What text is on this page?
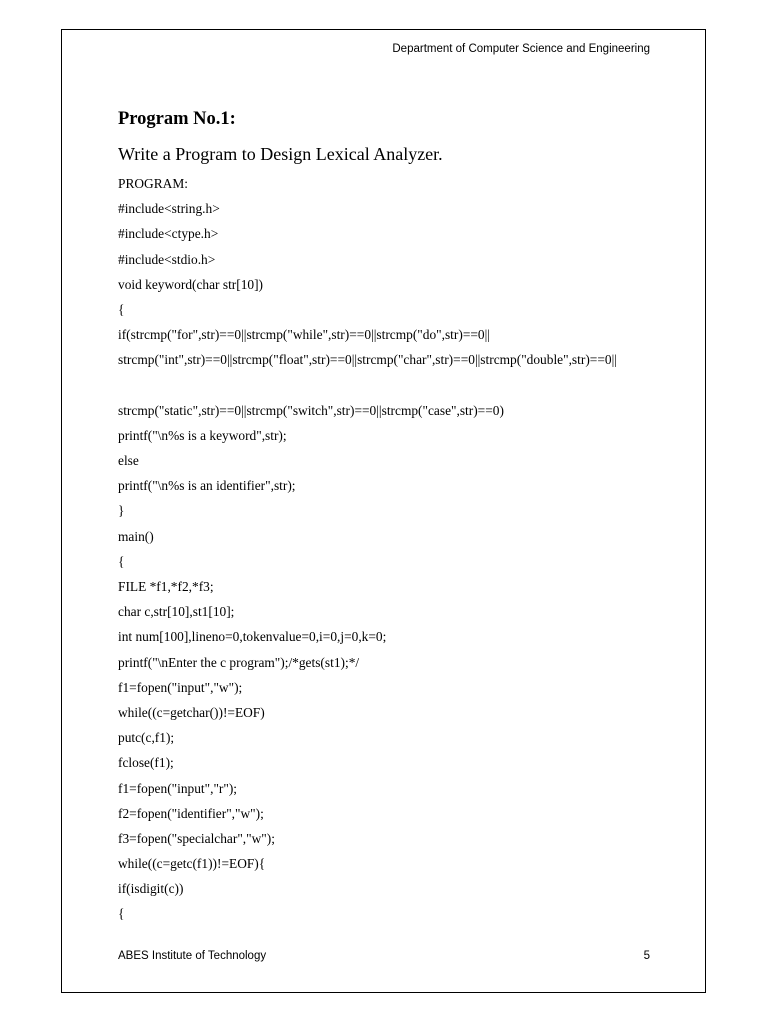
Department of Computer Science and Engineering
Program No.1:
Write a Program to Design Lexical Analyzer.
PROGRAM:
#include<string.h>
#include<ctype.h>
#include<stdio.h>
void keyword(char str[10])
{
if(strcmp("for",str)==0||strcmp("while",str)==0||strcmp("do",str)==0||
strcmp("int",str)==0||strcmp("float",str)==0||strcmp("char",str)==0||strcmp("double",str)==0||
strcmp("static",str)==0||strcmp("switch",str)==0||strcmp("case",str)==0)
printf("\n%s is a keyword",str);
else
printf("\n%s is an identifier",str);
}
main()
{
FILE *f1,*f2,*f3;
char c,str[10],st1[10];
int num[100],lineno=0,tokenvalue=0,i=0,j=0,k=0;
printf("\nEnter the c program");/*gets(st1);*/
f1=fopen("input","w");
while((c=getchar())!=EOF)
putc(c,f1);
fclose(f1);
f1=fopen("input","r");
f2=fopen("identifier","w");
f3=fopen("specialchar","w");
while((c=getc(f1))!=EOF){
if(isdigit(c))
{
ABES Institute of Technology	5
